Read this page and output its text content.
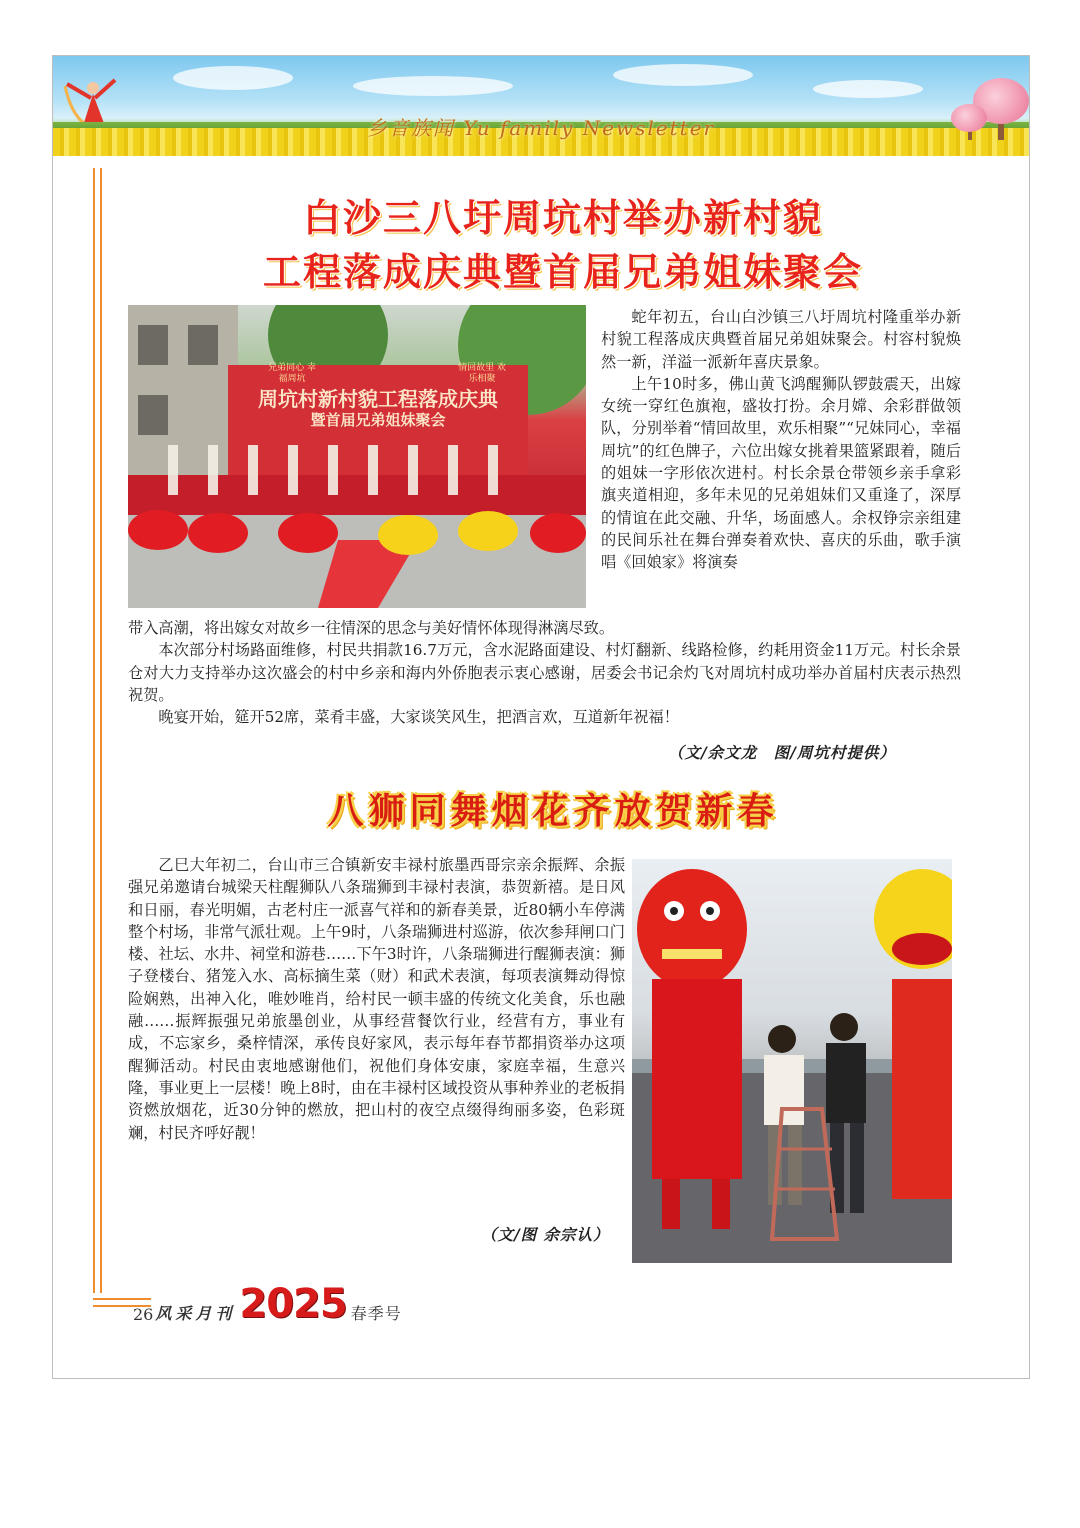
乡音族闻 Yu family Newsletter
白沙三八圩周坑村举办新村貌
工程落成庆典暨首届兄弟姐妹聚会
兄弟同心 幸福周坑
情回故里 欢乐相聚
周坑村新村貌工程落成庆典
暨首届兄弟姐妹聚会

蛇年初五，台山白沙镇三八圩周坑村隆重举办新村貌工程落成庆典暨首届兄弟姐妹聚会。村容村貌焕然一新，洋溢一派新年喜庆景象。

上午10时多，佛山黄飞鸿醒狮队锣鼓震天，出嫁女统一穿红色旗袍，盛妆打扮。余月嫦、余彩群做领队，分别举着“情回故里，欢乐相聚”“兄妹同心，幸福周坑”的红色牌子，六位出嫁女挑着果篮紧跟着，随后的姐妹一字形依次进村。村长余景仓带领乡亲手拿彩旗夹道相迎，多年未见的兄弟姐妹们又重逢了，深厚的情谊在此交融、升华，场面感人。余权铮宗亲组建的民间乐社在舞台弹奏着欢快、喜庆的乐曲，歌手演唱《回娘家》将演奏

带入高潮，将出嫁女对故乡一往情深的思念与美好情怀体现得淋漓尽致。

本次部分村场路面维修，村民共捐款16.7万元，含水泥路面建设、村灯翻新、线路检修，约耗用资金11万元。村长余景仓对大力支持举办这次盛会的村中乡亲和海内外侨胞表示衷心感谢，居委会书记余灼飞对周坑村成功举办首届村庆表示热烈祝贺。

晚宴开始，筵开52席，菜肴丰盛，大家谈笑风生，把酒言欢，互道新年祝福！

（文/余文龙　图/周坑村提供）
八狮同舞烟花齐放贺新春

乙巳大年初二，台山市三合镇新安丰禄村旅墨西哥宗亲余振辉、余振强兄弟邀请台城梁天柱醒狮队八条瑞狮到丰禄村表演，恭贺新禧。是日风和日丽，春光明媚，古老村庄一派喜气祥和的新春美景，近80辆小车停满整个村场，非常气派壮观。上午9时，八条瑞狮进村巡游，依次参拜闸口门楼、社坛、水井、祠堂和游巷……下午3时许，八条瑞狮进行醒狮表演：狮子登楼台、猪笼入水、高标摘生菜（财）和武术表演，每项表演舞动得惊险娴熟，出神入化，唯妙唯肖，给村民一顿丰盛的传统文化美食，乐也融融……振辉振强兄弟旅墨创业，从事经营餐饮行业，经营有方，事业有成，不忘家乡，桑梓情深，承传良好家风，表示每年春节都捐资举办这项醒狮活动。村民由衷地感谢他们，祝他们身体安康，家庭幸福，生意兴隆，事业更上一层楼！晚上8时，由在丰禄村区域投资从事种养业的老板捐资燃放烟花，近30分钟的燃放，把山村的夜空点缀得绚丽多姿，色彩斑斓，村民齐呼好靓！

（文/图 余宗认）
26 风采月刊 2025 春季号
